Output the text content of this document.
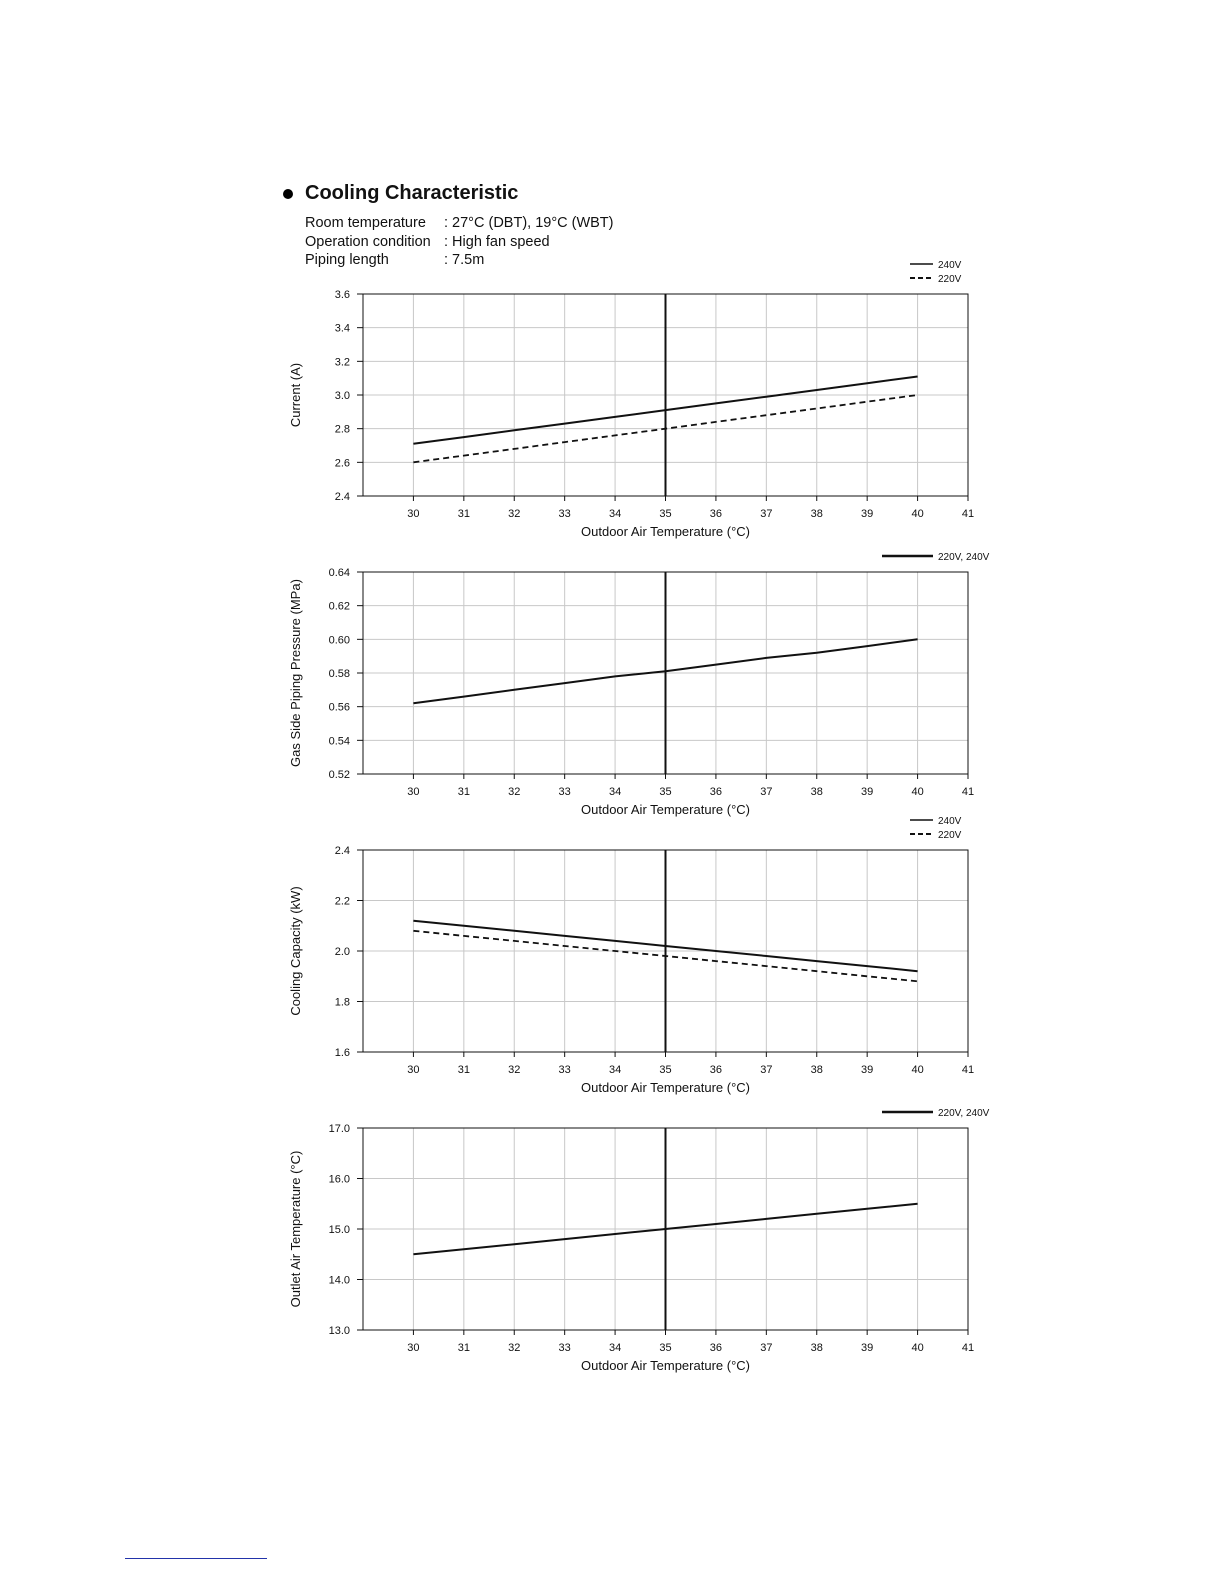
Cooling Characteristic
Room temperature	: 27°C (DBT), 19°C (WBT)
Operation condition : High fan speed
Piping length	: 7.5m
2.4
2.6
2.8
3.0
3.2
3.4
3.6
30	31	32	33	34	35	36	37	38	39	40	41
Outdoor Air Temperature (°C)
Current (A)
240V
220V
0.52
0.54
0.56
0.58
0.60
0.62
0.64
30	31	32	33	34	35	36	37	38	39	40	41
Outdoor Air Temperature (°C)
Gas Side Piping Pressure (MPa)
220V, 240V
1.6
1.8
2.0
2.2
2.4
30	31	32	33	34	35	36	37	38	39	40	41
Outdoor Air Temperature (°C)
Cooling Capacity (kW)
240V
220V
13.0
14.0
15.0
16.0
17.0
30	31	32	33	34	35	36	37	38	39	40	41
Outdoor Air Temperature (°C)
Outlet Air Temperature (°C)
220V, 240V
